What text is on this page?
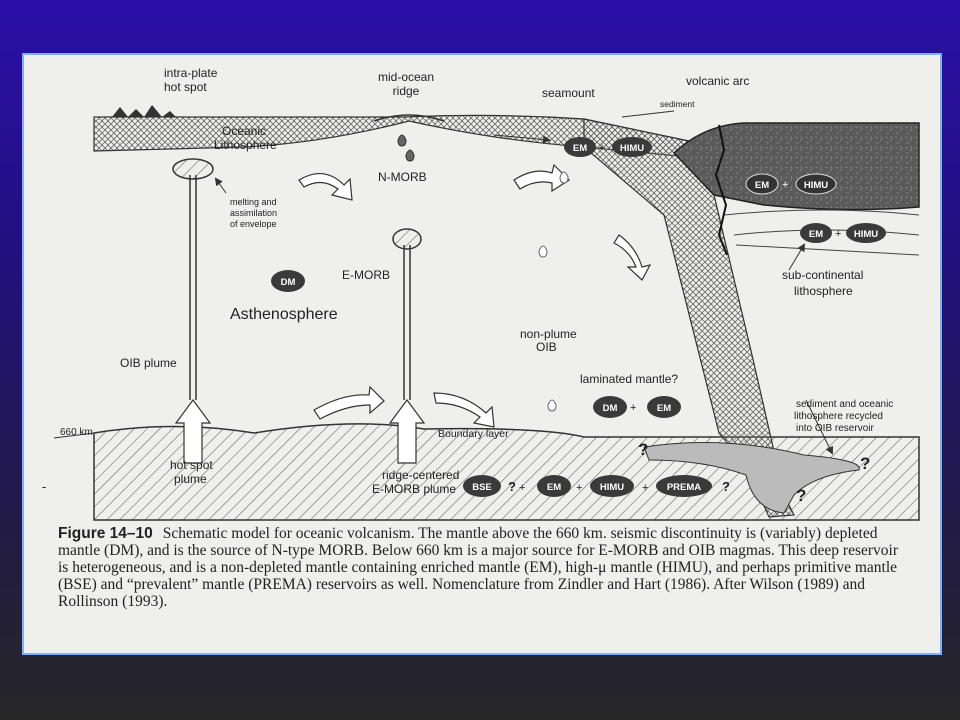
intra-plate
hot spot
mid-ocean
ridge	seamount
volcanic arc
sediment
Oceanic
Lithosphere
N-MORB
melting and
assimilation
of envelope
E-MORB
Asthenosphere
non-plume
OIB
sub-continental
lithosphere
OIB plume
laminated mantle?
660 km	Boundary layer
hot spot
plume	ridge-centered
E-MORB plume
sediment and oceanic
lithosphere recycled
into OIB reservoir
DM
EM + HIMU
EM + HIMU
EM + HIMU
DM + EM
BSE ? + EM + HIMU + PREMA ?
?
?
?
-
Figure 14–10 Schematic model for oceanic volcanism. The mantle above the 660 km. seismic discontinuity is (variably) depleted mantle (DM), and is the source of N-type MORB. Below 660 km is a major source for E-MORB and OIB magmas. This deep reservoir is heterogeneous, and is a non-depleted mantle containing enriched mantle (EM), high-μ mantle (HIMU), and perhaps primitive mantle (BSE) and “prevalent” mantle (PREMA) reservoirs as well. Nomenclature from Zindler and Hart (1986). After Wilson (1989) and Rollinson (1993).
